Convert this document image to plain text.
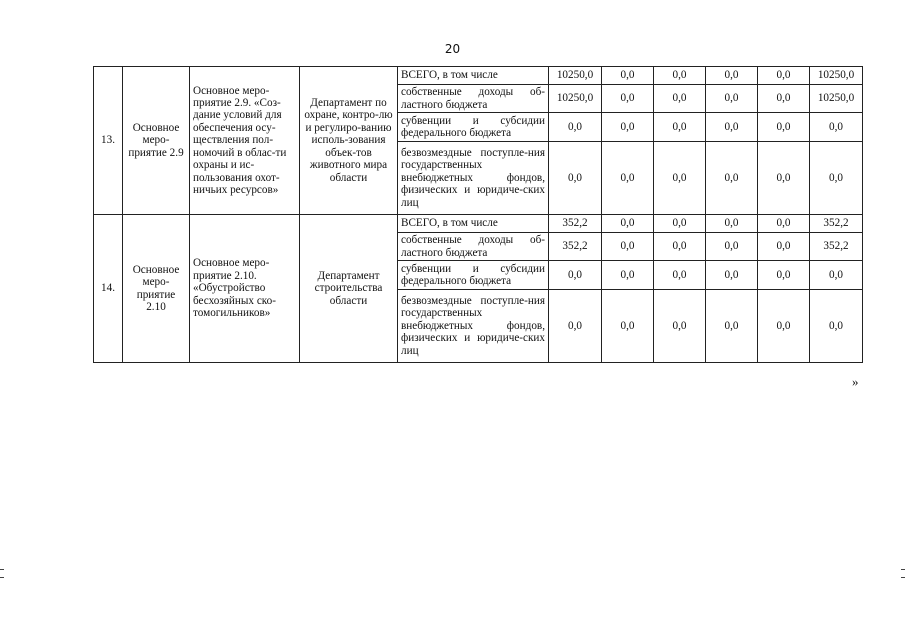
20
13.	Основное меро-приятие 2.9	Основное меро-приятие 2.9. «Соз-дание условий для обеспечения осу-ществления пол-номочий в облас-ти охраны и ис-пользования охот-ничьих ресурсов»	Департамент по охране, контро-лю и регулиро-ванию исполь-зования объек-тов животного мира области	ВСЕГО, в том числе	10250,0	0,0	0,0	0,0	0,0	10250,0
				собственные доходы об-ластного бюджета	10250,0	0,0	0,0	0,0	0,0	10250,0
				субвенции и субсидии федерального бюджета	0,0	0,0	0,0	0,0	0,0	0,0
				безвозмездные поступле-ния государственных внебюджетных фондов, физических и юридиче-ских лиц	0,0	0,0	0,0	0,0	0,0	0,0
14.	Основное меро-приятие 2.10	Основное меро-приятие 2.10. «Обустройство бесхозяйных ско-томогильников»	Департамент строительства области	ВСЕГО, в том числе	352,2	0,0	0,0	0,0	0,0	352,2
				собственные доходы об-ластного бюджета	352,2	0,0	0,0	0,0	0,0	352,2
				субвенции и субсидии федерального бюджета	0,0	0,0	0,0	0,0	0,0	0,0
				безвозмездные поступле-ния государственных внебюджетных фондов, физических и юридиче-ских лиц	0,0	0,0	0,0	0,0	0,0	0,0
»
